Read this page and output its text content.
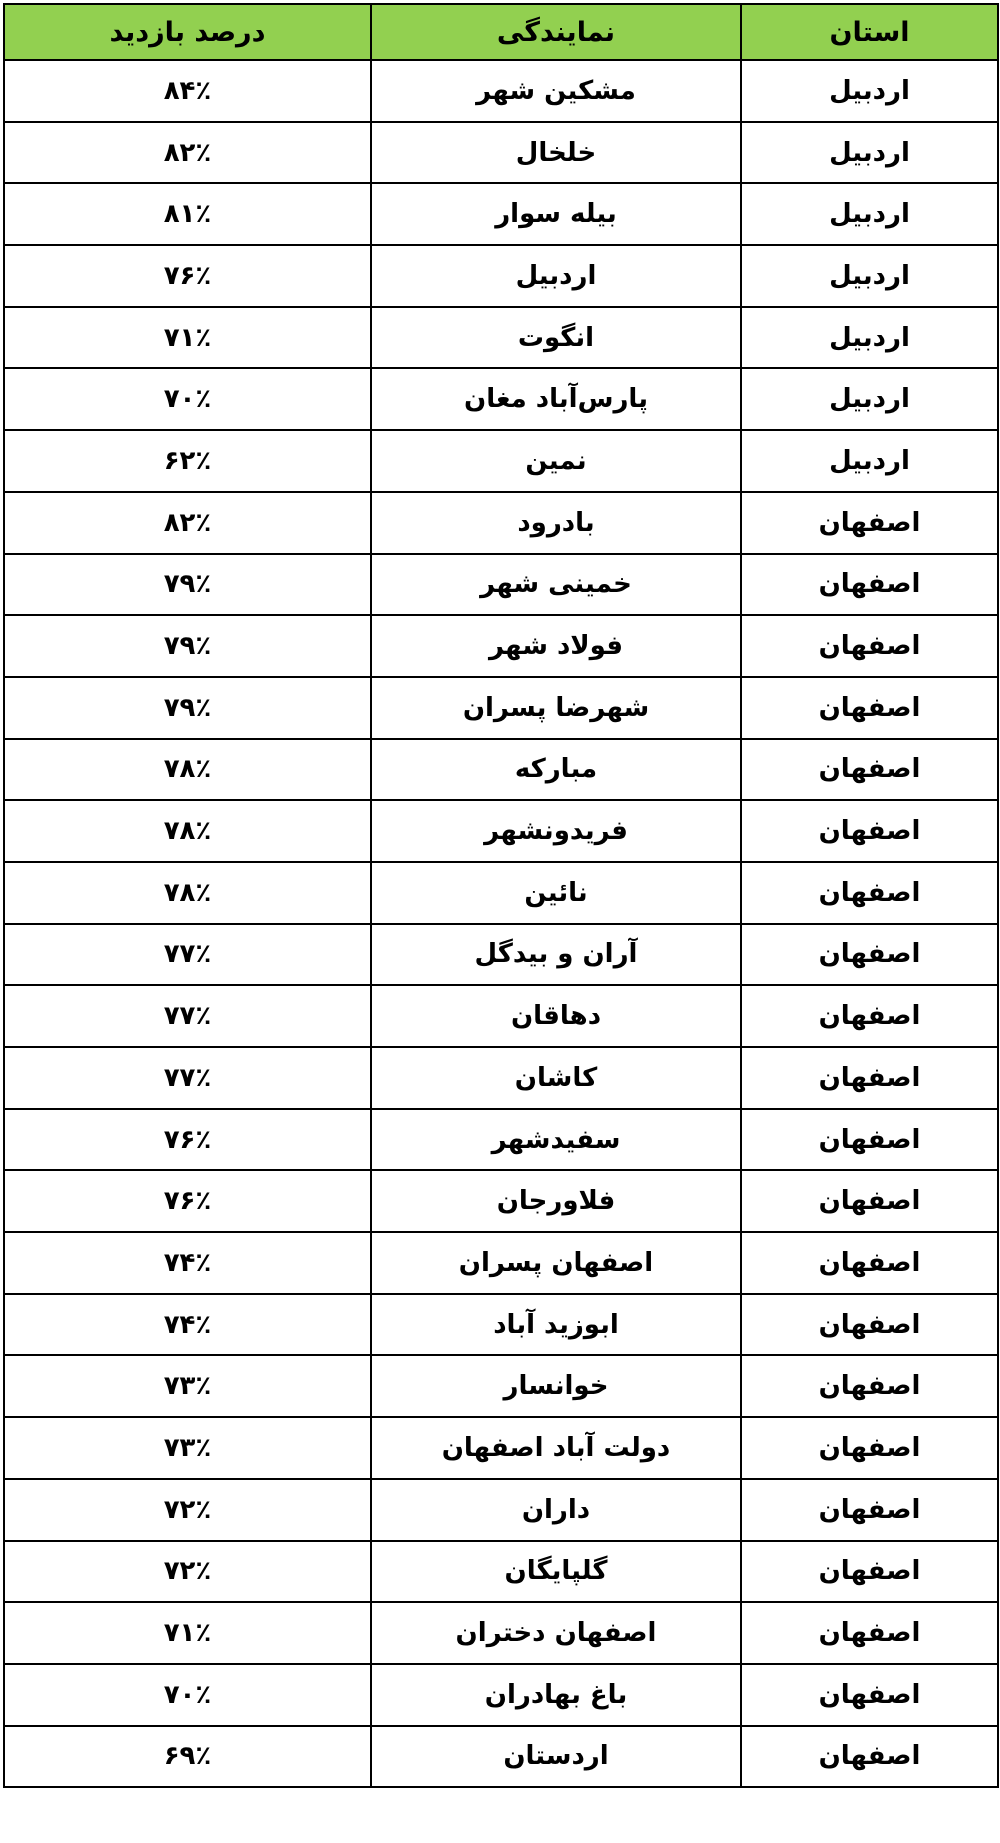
استان	نمایندگی	درصد بازدید
اردبیل	مشکین شهر	۸۴٪
اردبیل	خلخال	۸۲٪
اردبیل	بیله سوار	۸۱٪
اردبیل	اردبیل	۷۶٪
اردبیل	انگوت	۷۱٪
اردبیل	پارس‌آباد مغان	۷۰٪
اردبیل	نمین	۶۲٪
اصفهان	بادرود	۸۲٪
اصفهان	خمینی شهر	۷۹٪
اصفهان	فولاد شهر	۷۹٪
اصفهان	شهرضا پسران	۷۹٪
اصفهان	مبارکه	۷۸٪
اصفهان	فریدونشهر	۷۸٪
اصفهان	نائین	۷۸٪
اصفهان	آران و بیدگل	۷۷٪
اصفهان	دهاقان	۷۷٪
اصفهان	کاشان	۷۷٪
اصفهان	سفیدشهر	۷۶٪
اصفهان	فلاورجان	۷۶٪
اصفهان	اصفهان پسران	۷۴٪
اصفهان	ابوزید آباد	۷۴٪
اصفهان	خوانسار	۷۳٪
اصفهان	دولت آباد اصفهان	۷۳٪
اصفهان	داران	۷۲٪
اصفهان	گلپایگان	۷۲٪
اصفهان	اصفهان دختران	۷۱٪
اصفهان	باغ بهادران	۷۰٪
اصفهان	اردستان	۶۹٪
